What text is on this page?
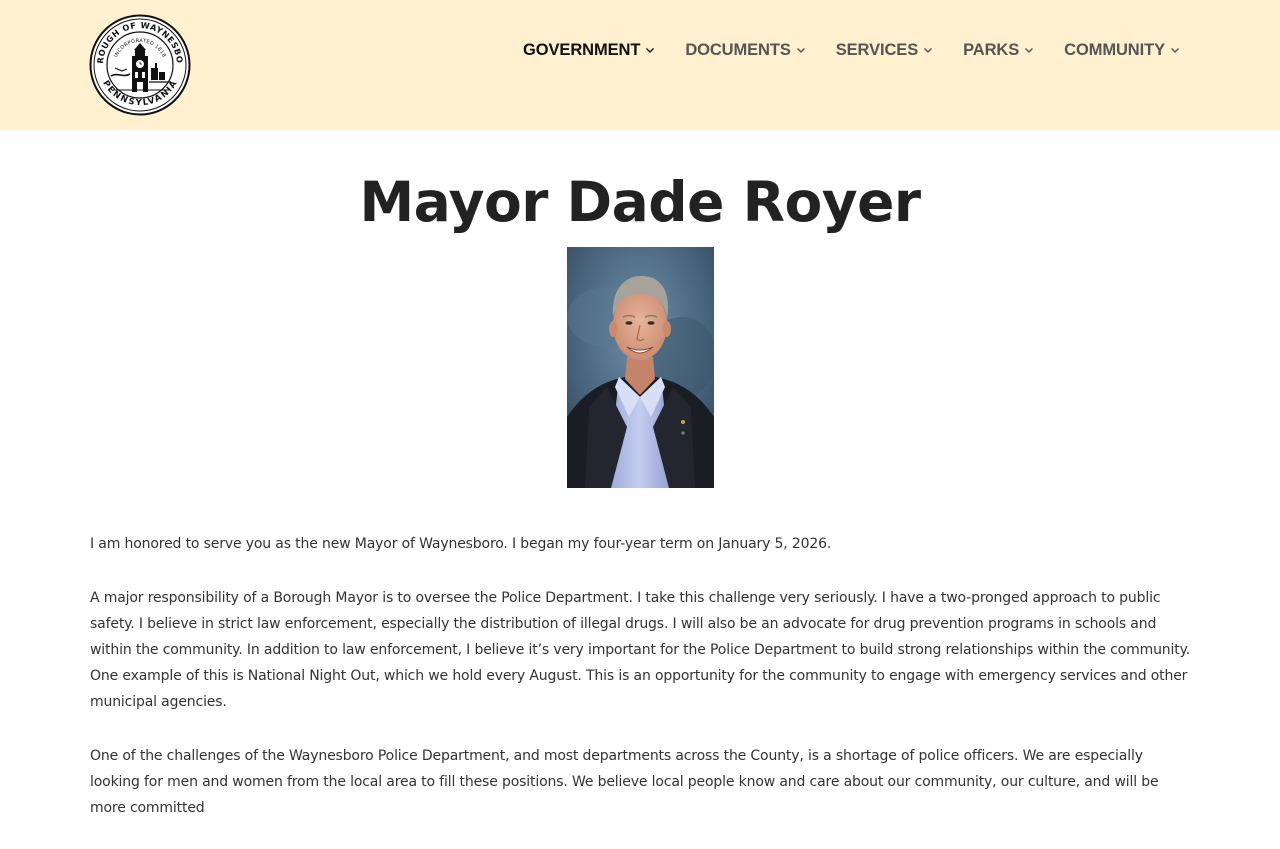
ROUGH OF WAYNESBO
PENNSYLVANIA
INCORPORATED 1818	GOVERNMENT	DOCUMENTS	SERVICES	PARKS	COMMUNITY
Mayor Dade Royer

I am honored to serve you as the new Mayor of Waynesboro. I began my four-year term on January 5, 2026.

A major responsibility of a Borough Mayor is to oversee the Police Department. I take this challenge very seriously. I have a two-pronged approach to public safety. I believe in strict law enforcement, especially the distribution of illegal drugs. I will also be an advocate for drug prevention programs in schools and within the community. In addition to law enforcement, I believe it’s very important for the Police Department to build strong relationships within the community. One example of this is National Night Out, which we hold every August. This is an opportunity for the community to engage with emergency services and other municipal agencies.

One of the challenges of the Waynesboro Police Department, and most departments across the County, is a shortage of police officers. We are especially looking for men and women from the local area to fill these positions. We believe local people know and care about our community, our culture, and will be more committed
